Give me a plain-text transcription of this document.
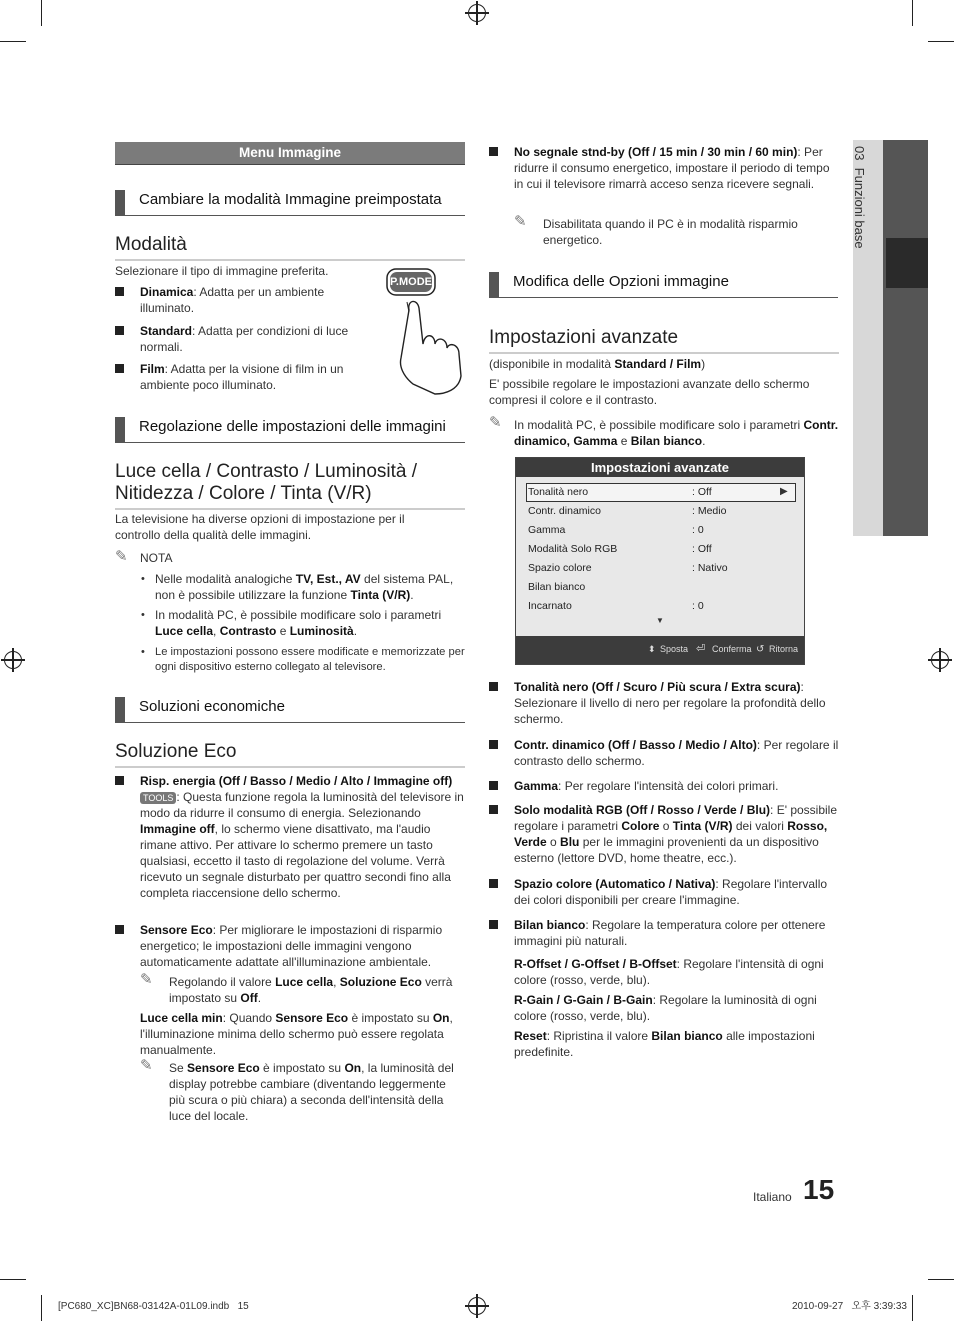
03  Funzioni base
Menu Immagine
Cambiare la modalità Immagine preimpostata
Modalità
Selezionare il tipo di immagine preferita.
Dinamica: Adatta per un ambiente illuminato.
Standard: Adatta per condizioni di luce normali.
Film: Adatta per la visione di film in un ambiente poco illuminato.
P.MODE
Regolazione delle impostazioni delle immagini
Luce cella / Contrasto / Luminosità /
Nitidezza / Colore / Tinta (V/R)
La televisione ha diverse opzioni di impostazione per il controllo della qualità delle immagini.
✎ NOTA
• Nelle modalità analogiche TV, Est., AV del sistema PAL, non è possibile utilizzare la funzione Tinta (V/R).
• In modalità PC, è possibile modificare solo i parametri Luce cella, Contrasto e Luminosità.
• Le impostazioni possono essere modificate e memorizzate per ogni dispositivo esterno collegato al televisore.
Soluzioni economiche
Soluzione Eco
Risp. energia (Off / Basso / Medio / Alto / Immagine off) TOOLS : Questa funzione regola la luminosità del televisore in modo da ridurre il consumo di energia. Selezionando Immagine off, lo schermo viene disattivato, ma l'audio rimane attivo. Per attivare lo schermo premere un tasto qualsiasi, eccetto il tasto di regolazione del volume. Verrà ricevuto un segnale disturbato per quattro secondi fino alla completa riaccensione dello schermo.
Sensore Eco: Per migliorare le impostazioni di risparmio energetico; le impostazioni delle immagini vengono automaticamente adattate all'illuminazione ambientale.
✎ Regolando il valore Luce cella, Soluzione Eco verrà impostato su Off.
Luce cella min: Quando Sensore Eco è impostato su On, l'illuminazione minima dello schermo può essere regolata manualmente.
✎ Se Sensore Eco è impostato su On, la luminosità del display potrebbe cambiare (diventando leggermente più scura o più chiara) a seconda dell'intensità della luce del locale.
No segnale stnd-by (Off / 15 min / 30 min / 60 min): Per ridurre il consumo energetico, impostare il periodo di tempo in cui il televisore rimarrà acceso senza ricevere segnali.
✎ Disabilitata quando il PC è in modalità risparmio energetico.
Modifica delle Opzioni immagine
Impostazioni avanzate
(disponibile in modalità Standard / Film)
E' possibile regolare le impostazioni avanzate dello schermo compresi il colore e il contrasto.
✎ In modalità PC, è possibile modificare solo i parametri Contr. dinamico, Gamma e Bilan bianco.
Impostazioni avanzate
Tonalità nero	: Off	▶
Contr. dinamico	: Medio
Gamma	: 0
Modalità Solo RGB	: Off
Spazio colore	: Nativo
Bilan bianco
Incarnato	: 0
▼
⬍ Sposta ⏎ Conferma ↺ Ritorna
Tonalità nero (Off / Scuro / Più scura / Extra scura): Selezionare il livello di nero per regolare la profondità dello schermo.
Contr. dinamico (Off / Basso / Medio / Alto): Per regolare il contrasto dello schermo.
Gamma: Per regolare l'intensità dei colori primari.
Solo modalità RGB (Off / Rosso / Verde / Blu): E' possibile regolare i parametri Colore o Tinta (V/R) dei valori Rosso, Verde o Blu per le immagini provenienti da un dispositivo esterno (lettore DVD, home theatre, ecc.).
Spazio colore (Automatico / Nativa): Regolare l'intervallo dei colori disponibili per creare l'immagine.
Bilan bianco: Regolare la temperatura colore per ottenere immagini più naturali.
R-Offset / G-Offset / B-Offset: Regolare l'intensità di ogni colore (rosso, verde, blu).
R-Gain / G-Gain / B-Gain: Regolare la luminosità di ogni colore (rosso, verde, blu).
Reset: Ripristina il valore Bilan bianco alle impostazioni predefinite.
Italiano 15
[PC680_XC]BN68-03142A-01L09.indb   15	2010-09-27   오후 3:39:33
